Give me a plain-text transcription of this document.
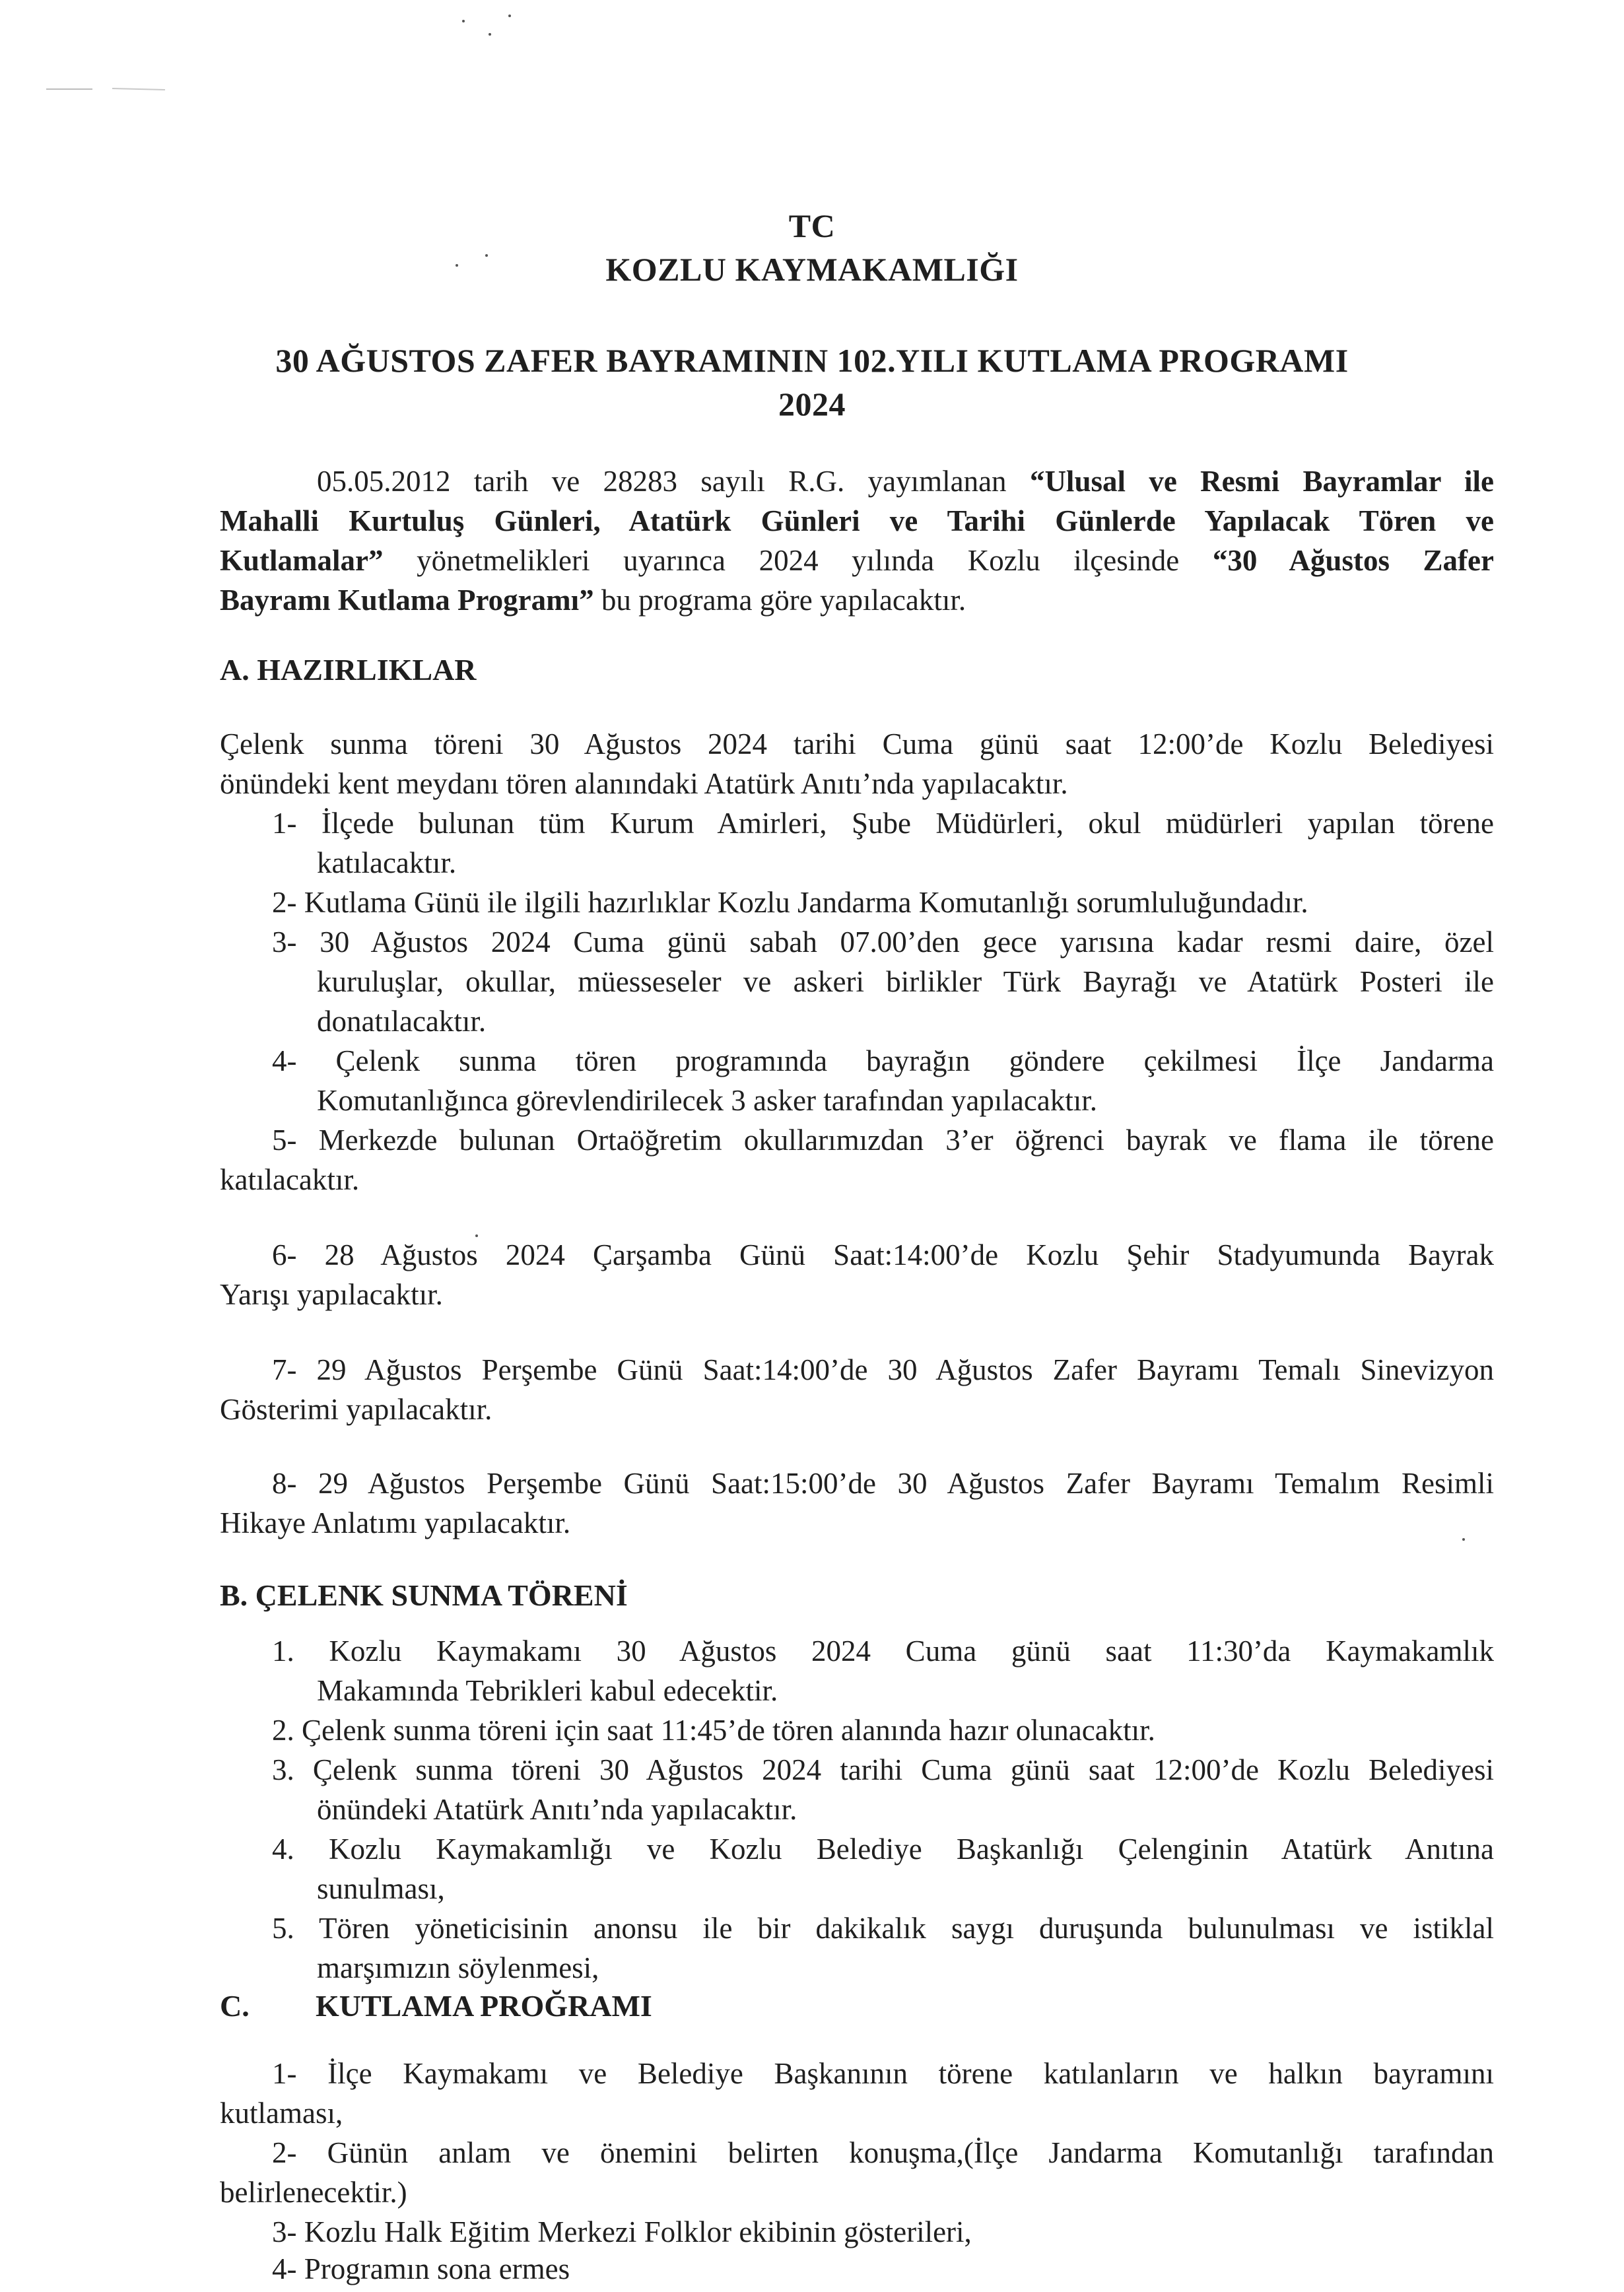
TC
KOZLU KAYMAKAMLIĞI
30 AĞUSTOS ZAFER BAYRAMININ 102.YILI KUTLAMA PROGRAMI
2024
05.05.2012 tarih ve 28283 sayılı R.G. yayımlanan “Ulusal ve Resmi Bayramlar ile
Mahalli Kurtuluş Günleri, Atatürk Günleri ve Tarihi Günlerde Yapılacak Tören ve
Kutlamalar” yönetmelikleri uyarınca 2024 yılında Kozlu ilçesinde “30 Ağustos Zafer
Bayramı Kutlama Programı” bu programa göre yapılacaktır.
A. HAZIRLIKLAR
Çelenk sunma töreni 30 Ağustos 2024 tarihi Cuma günü saat 12:00’de Kozlu Belediyesi
önündeki kent meydanı tören alanındaki Atatürk Anıtı’nda yapılacaktır.
1- İlçede bulunan tüm Kurum Amirleri, Şube Müdürleri, okul müdürleri yapılan törene
katılacaktır.
2- Kutlama Günü ile ilgili hazırlıklar Kozlu Jandarma Komutanlığı sorumluluğundadır.
3- 30 Ağustos 2024 Cuma günü sabah 07.00’den gece yarısına kadar resmi daire, özel
kuruluşlar, okullar, müesseseler ve askeri birlikler Türk Bayrağı ve Atatürk Posteri ile
donatılacaktır.
4- Çelenk sunma tören programında bayrağın göndere çekilmesi İlçe Jandarma
Komutanlığınca görevlendirilecek 3 asker tarafından yapılacaktır.
5- Merkezde bulunan Ortaöğretim okullarımızdan 3’er öğrenci bayrak ve flama ile törene
katılacaktır.
6- 28 Ağustos 2024 Çarşamba Günü Saat:14:00’de Kozlu Şehir Stadyumunda Bayrak
Yarışı yapılacaktır.
7- 29 Ağustos Perşembe Günü Saat:14:00’de 30 Ağustos Zafer Bayramı Temalı Sinevizyon
Gösterimi yapılacaktır.
8- 29 Ağustos Perşembe Günü Saat:15:00’de 30 Ağustos Zafer Bayramı Temalım Resimli
Hikaye Anlatımı yapılacaktır.
B. ÇELENK SUNMA TÖRENİ
1. Kozlu Kaymakamı 30 Ağustos 2024 Cuma günü saat 11:30’da Kaymakamlık
Makamında Tebrikleri kabul edecektir.
2. Çelenk sunma töreni için saat 11:45’de tören alanında hazır olunacaktır.
3. Çelenk sunma töreni 30 Ağustos 2024 tarihi Cuma günü saat 12:00’de Kozlu Belediyesi
önündeki Atatürk Anıtı’nda yapılacaktır.
4. Kozlu Kaymakamlığı ve Kozlu Belediye Başkanlığı Çelenginin Atatürk Anıtına
sunulması,
5. Tören yöneticisinin anonsu ile bir dakikalık saygı duruşunda bulunulması ve istiklal
marşımızın söylenmesi,
C. KUTLAMA PROĞRAMI
1- İlçe Kaymakamı ve Belediye Başkanının törene katılanların ve halkın bayramını
kutlaması,
2- Günün anlam ve önemini belirten konuşma,(İlçe Jandarma Komutanlığı tarafından
belirlenecektir.)
3- Kozlu Halk Eğitim Merkezi Folklor ekibinin gösterileri,
4- Programın sona ermes
